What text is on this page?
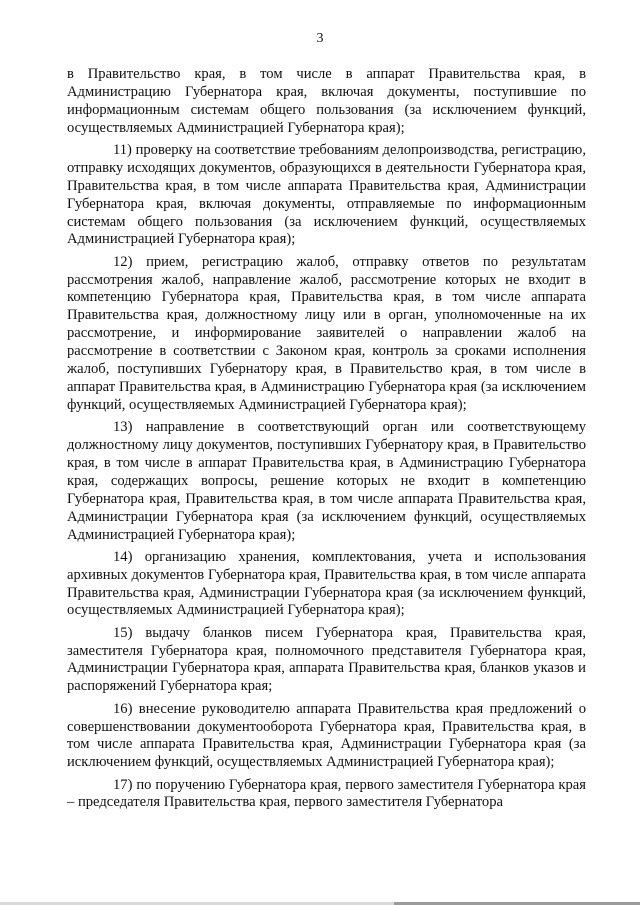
3

в Правительство края, в том числе в аппарат Правительства края, в Администрацию Губернатора края, включая документы, поступившие по информационным системам общего пользования (за исключением функций, осуществляемых Администрацией Губернатора края);

11) проверку на соответствие требованиям делопроизводства, регистрацию, отправку исходящих документов, образующихся в деятельности Губернатора края, Правительства края, в том числе аппарата Правительства края, Администрации Губернатора края, включая документы, отправляемые по информационным системам общего пользования (за исключением функций, осуществляемых Администрацией Губернатора края);

12) прием, регистрацию жалоб, отправку ответов по результатам рассмотрения жалоб, направление жалоб, рассмотрение которых не входит в компетенцию Губернатора края, Правительства края, в том числе аппарата Правительства края, должностному лицу или в орган, уполномоченные на их рассмотрение, и информирование заявителей о направлении жалоб на рассмотрение в соответствии с Законом края, контроль за сроками исполнения жалоб, поступивших Губернатору края, в Правительство края, в том числе в аппарат Правительства края, в Администрацию Губернатора края (за исключением функций, осуществляемых Администрацией Губернатора края);

13) направление в соответствующий орган или соответствующему должностному лицу документов, поступивших Губернатору края, в Правительство края, в том числе в аппарат Правительства края, в Администрацию Губернатора края, содержащих вопросы, решение которых не входит в компетенцию Губернатора края, Правительства края, в том числе аппарата Правительства края, Администрации Губернатора края (за исключением функций, осуществляемых Администрацией Губернатора края);

14) организацию хранения, комплектования, учета и использования архивных документов Губернатора края, Правительства края, в том числе аппарата Правительства края, Администрации Губернатора края (за исключением функций, осуществляемых Администрацией Губернатора края);

15) выдачу бланков писем Губернатора края, Правительства края, заместителя Губернатора края, полномочного представителя Губернатора края, Администрации Губернатора края, аппарата Правительства края, бланков указов и распоряжений Губернатора края;

16) внесение руководителю аппарата Правительства края предложений о совершенствовании документооборота Губернатора края, Правительства края, в том числе аппарата Правительства края, Администрации Губернатора края (за исключением функций, осуществляемых Администрацией Губернатора края);

17) по поручению Губернатора края, первого заместителя Губернатора края – председателя Правительства края, первого заместителя Губернатора
